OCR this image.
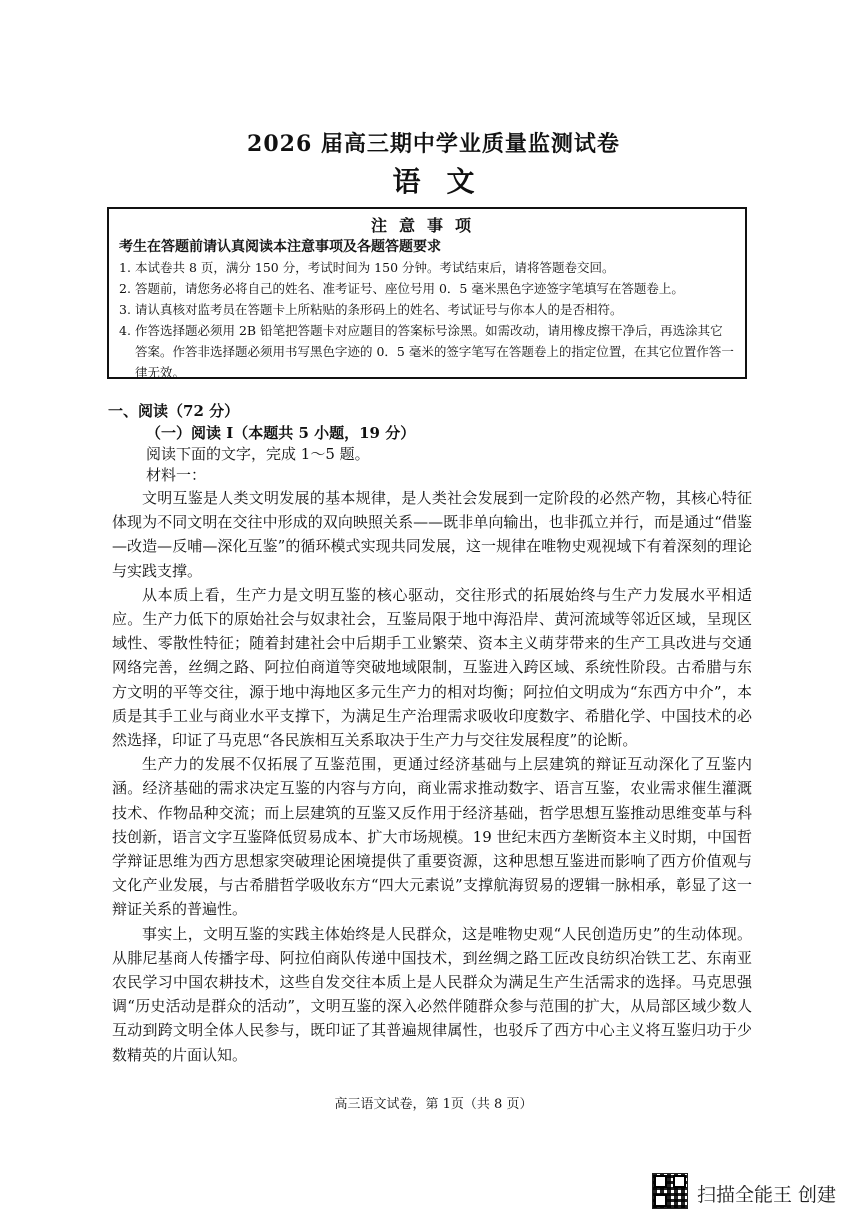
2026 届高三期中学业质量监测试卷
语文
注意事项
考生在答题前请认真阅读本注意事项及各题答题要求
1. 本试卷共 8 页，满分 150 分，考试时间为 150 分钟。考试结束后，请将答题卷交回。
2. 答题前，请您务必将自己的姓名、准考证号、座位号用 0．5 毫米黑色字迹签字笔填写在答题卷上。
3. 请认真核对监考员在答题卡上所粘贴的条形码上的姓名、考试证号与你本人的是否相符。
4. 作答选择题必须用 2B 铅笔把答题卡对应题目的答案标号涂黑。如需改动，请用橡皮擦干净后，再选涂其它答案。作答非选择题必须用书写黑色字迹的 0．5 毫米的签字笔写在答题卷上的指定位置，在其它位置作答一律无效。
一、阅读（72 分）
（一）阅读 I（本题共 5 小题，19 分）
阅读下面的文字，完成 1～5 题。
材料一：

文明互鉴是人类文明发展的基本规律，是人类社会发展到一定阶段的必然产物，其核心特征体现为不同文明在交往中形成的双向映照关系——既非单向输出，也非孤立并行，而是通过“借鉴—改造—反哺—深化互鉴”的循环模式实现共同发展，这一规律在唯物史观视域下有着深刻的理论与实践支撑。

从本质上看，生产力是文明互鉴的核心驱动，交往形式的拓展始终与生产力发展水平相适应。生产力低下的原始社会与奴隶社会，互鉴局限于地中海沿岸、黄河流域等邻近区域，呈现区域性、零散性特征；随着封建社会中后期手工业繁荣、资本主义萌芽带来的生产工具改进与交通网络完善，丝绸之路、阿拉伯商道等突破地域限制，互鉴进入跨区域、系统性阶段。古希腊与东方文明的平等交往，源于地中海地区多元生产力的相对均衡；阿拉伯文明成为“东西方中介”，本质是其手工业与商业水平支撑下，为满足生产治理需求吸收印度数字、希腊化学、中国技术的必然选择，印证了马克思“各民族相互关系取决于生产力与交往发展程度”的论断。

生产力的发展不仅拓展了互鉴范围，更通过经济基础与上层建筑的辩证互动深化了互鉴内涵。经济基础的需求决定互鉴的内容与方向，商业需求推动数字、语言互鉴，农业需求催生灌溉技术、作物品种交流；而上层建筑的互鉴又反作用于经济基础，哲学思想互鉴推动思维变革与科技创新，语言文字互鉴降低贸易成本、扩大市场规模。19 世纪末西方垄断资本主义时期，中国哲学辩证思维为西方思想家突破理论困境提供了重要资源，这种思想互鉴进而影响了西方价值观与文化产业发展，与古希腊哲学吸收东方“四大元素说”支撑航海贸易的逻辑一脉相承，彰显了这一辩证关系的普遍性。

事实上，文明互鉴的实践主体始终是人民群众，这是唯物史观“人民创造历史”的生动体现。从腓尼基商人传播字母、阿拉伯商队传递中国技术，到丝绸之路工匠改良纺织冶铁工艺、东南亚农民学习中国农耕技术，这些自发交往本质上是人民群众为满足生产生活需求的选择。马克思强调“历史活动是群众的活动”，文明互鉴的深入必然伴随群众参与范围的扩大，从局部区域少数人互动到跨文明全体人民参与，既印证了其普遍规律属性，也驳斥了西方中心主义将互鉴归功于少数精英的片面认知。

高三语文试卷，第 1页（共 8 页）
扫描全能王 创建
